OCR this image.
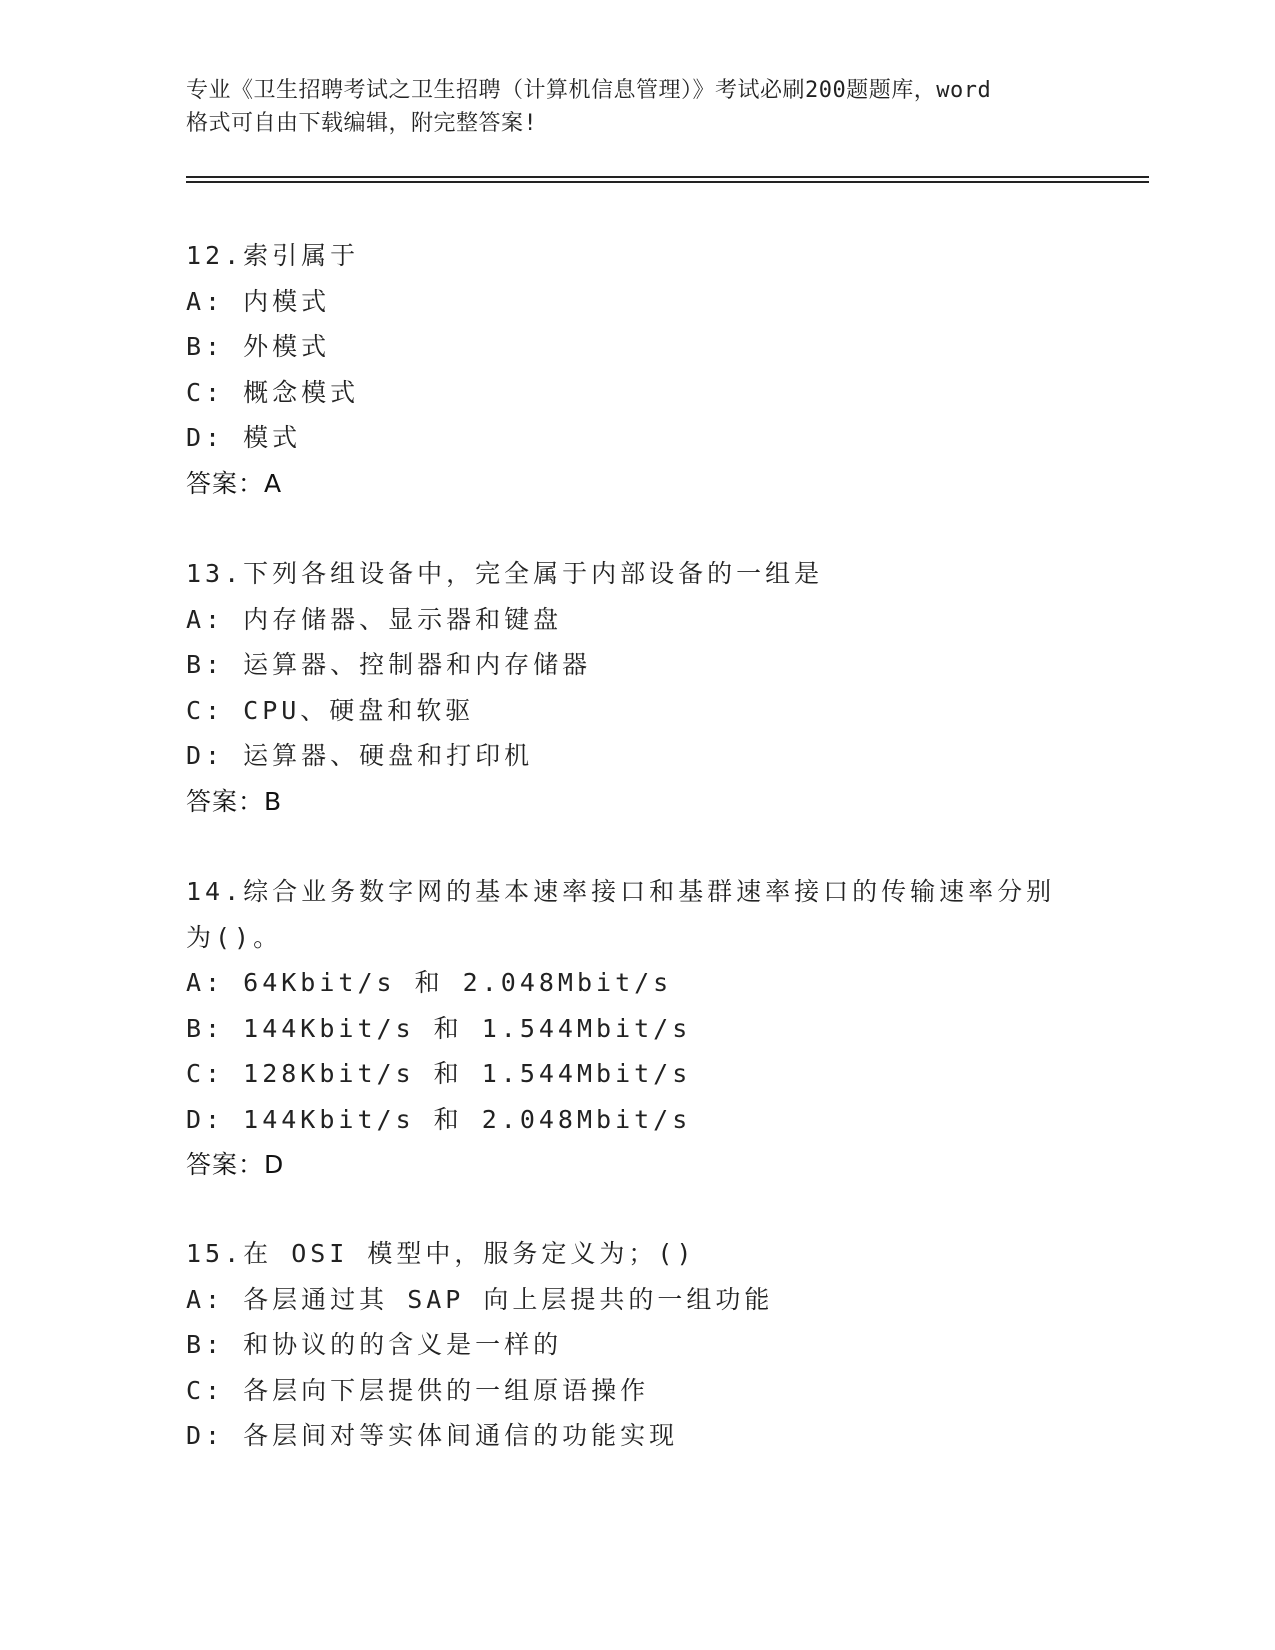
专业《卫生招聘考试之卫生招聘（计算机信息管理）》考试必刷200题题库，word
格式可自由下载编辑，附完整答案!
12.索引属于
A: 内模式
B: 外模式
C: 概念模式
D: 模式
答案：A
13.下列各组设备中，完全属于内部设备的一组是
A: 内存储器、显示器和键盘
B: 运算器、控制器和内存储器
C: CPU、硬盘和软驱
D: 运算器、硬盘和打印机
答案：B
14.综合业务数字网的基本速率接口和基群速率接口的传输速率分别为()。
A: 64Kbit/s 和 2.048Mbit/s
B: 144Kbit/s 和 1.544Mbit/s
C: 128Kbit/s 和 1.544Mbit/s
D: 144Kbit/s 和 2.048Mbit/s
答案：D
15.在 OSI 模型中，服务定义为；()
A: 各层通过其 SAP 向上层提共的一组功能
B: 和协议的的含义是一样的
C: 各层向下层提供的一组原语操作
D: 各层间对等实体间通信的功能实现
